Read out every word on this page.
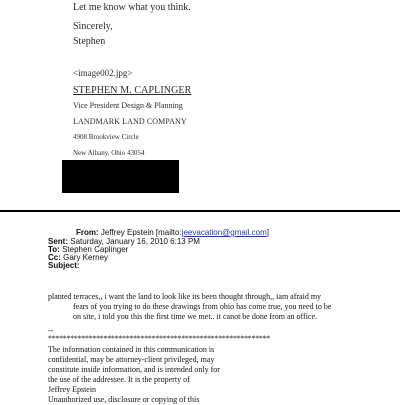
Let me know what you think.
Sincerely,
Stephen
<image002.jpg>
STEPHEN M. CAPLINGER
Vice President Design & Planning
LANDMARK LAND COMPANY
4908 Brookview Circle
New Albany, Ohio 43054
From: Jeffrey Epstein [mailto:jeevacation@gmail.com]
Sent: Saturday, January 16, 2010 6:13 PM
To: Stephen Caplinger
Cc: Gary Kerney
Subject:
planted terraces,, i want the land to look like its been thought through,, iam afraid my
fears of you trying to do these drawings from ohio has come true, you need to be
on site, i told you this the first time we met.. it canot be done from an office.
--
************************************************************
The information contained in this communication is
confidential, may be attorney-client privileged, may
constitute inside information, and is intended only for
the use of the addressee. It is the property of
Jeffrey Epstein
Unauthorized use, disclosure or copying of this
